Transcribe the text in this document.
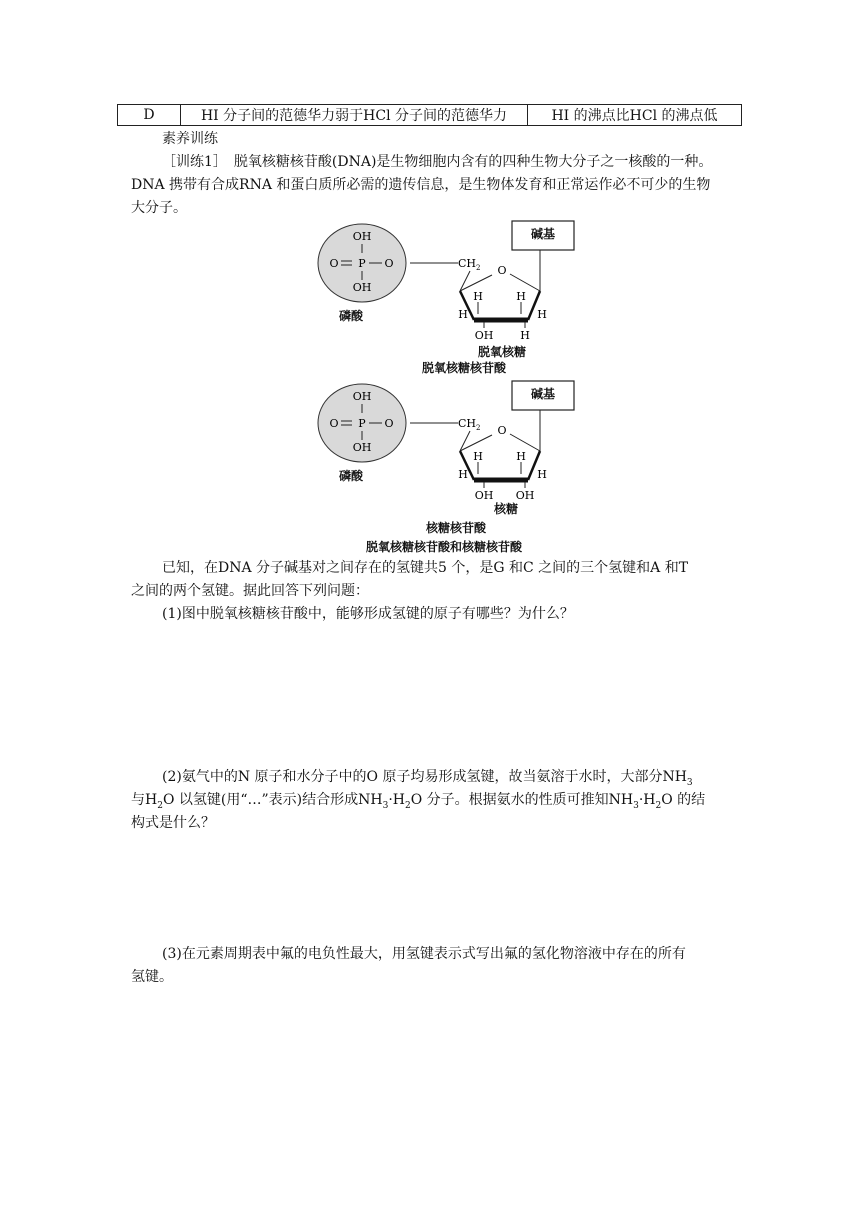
D	HI 分子间的范德华力弱于HCl 分子间的范德华力	HI 的沸点比HCl 的沸点低
素养训练
［训练1］　脱氧核糖核苷酸(DNA)是生物细胞内含有的四种生物大分子之一核酸的一种。
DNA 携带有合成RNA 和蛋白质所必需的遗传信息，是生物体发育和正常运作必不可少的生物
大分子。
OH
O P O
OH
$CH_2$ O
H	H
H	H
OH H
碱基
磷酸
脱氧核糖
脱氧核糖核苷酸
OH
O P O
OH
$CH_2$ O
H	H
H	H
OH OH
碱基
磷酸
核糖
核糖核苷酸
脱氧核糖核苷酸和核糖核苷酸
已知，在DNA 分子碱基对之间存在的氢键共5 个，是G 和C 之间的三个氢键和A 和T
之间的两个氢键。据此回答下列问题：
(1)图中脱氧核糖核苷酸中，能够形成氢键的原子有哪些？为什么？
(2)氨气中的N 原子和水分子中的O 原子均易形成氢键，故当氨溶于水时，大部分$NH_3$
与$H_2O$ 以氢键(用“…”表示)结合形成$NH_3\cdot H_2O$ 分子。根据氨水的性质可推知$NH_3\cdot H_2O$ 的结
构式是什么？
(3)在元素周期表中氟的电负性最大，用氢键表示式写出氟的氢化物溶液中存在的所有
氢键。
